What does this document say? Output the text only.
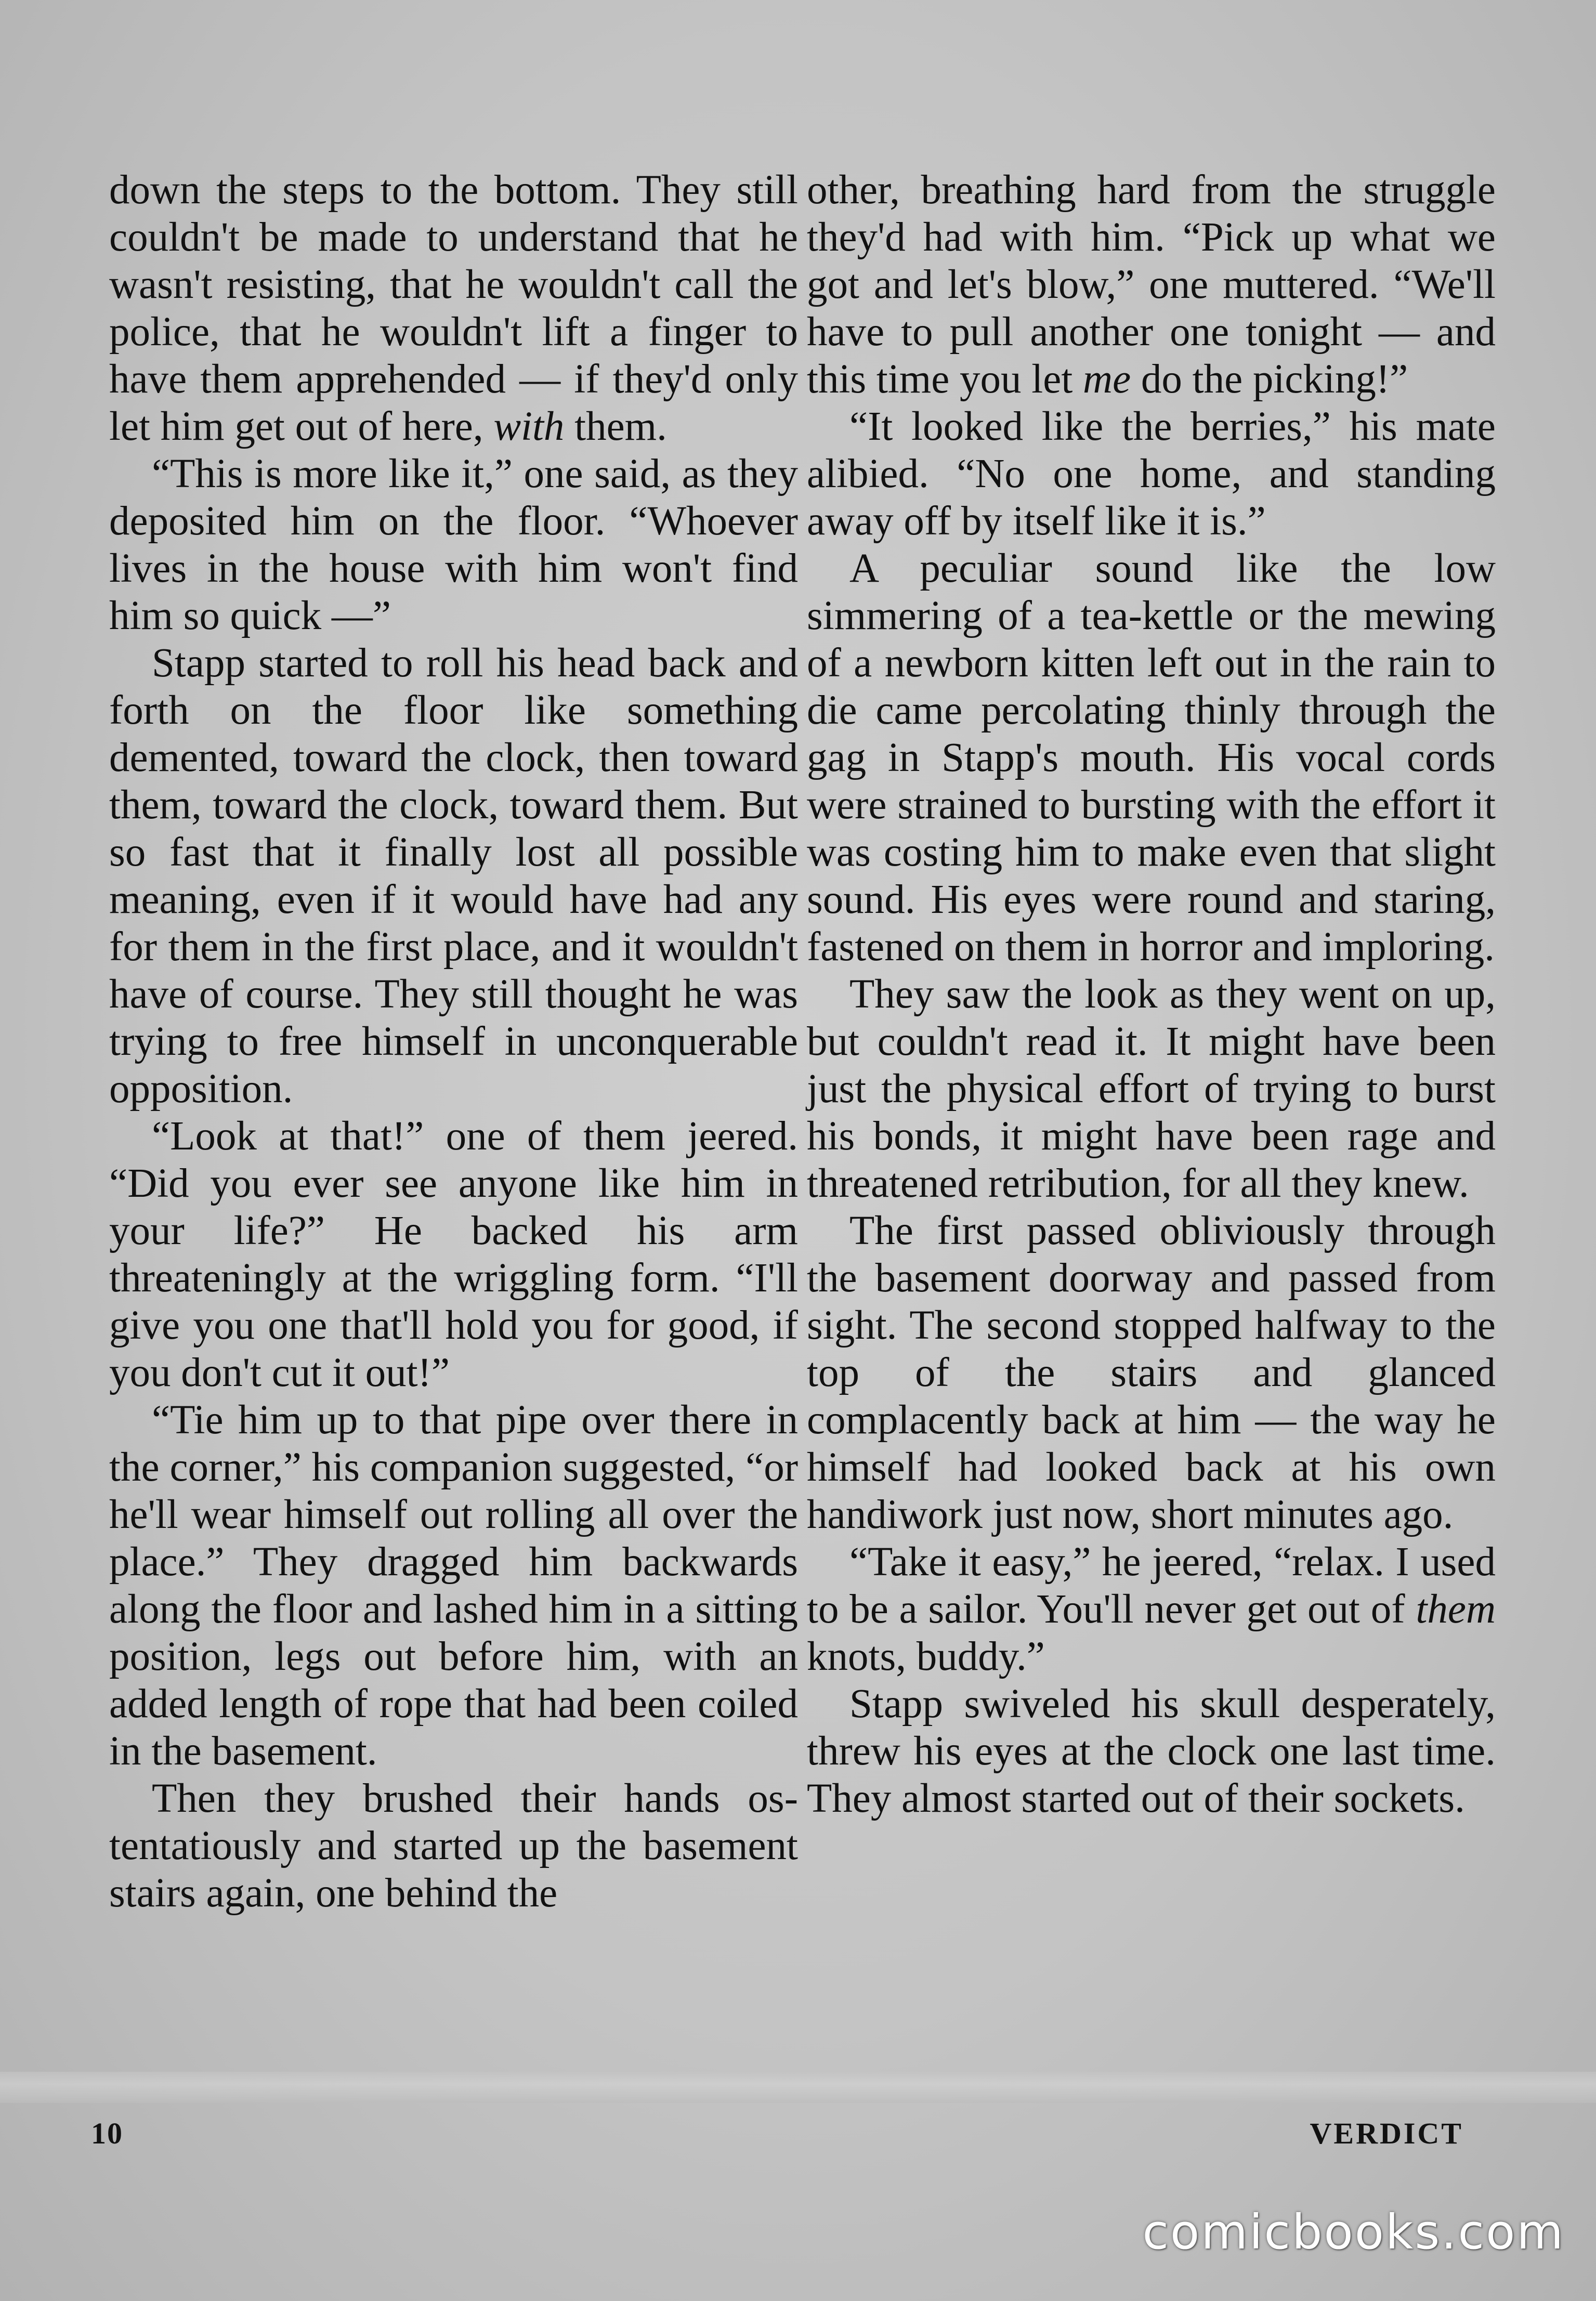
down the steps to the bottom. They still couldn't be made to understand that he wasn't resisting, that he wouldn't call the police, that he wouldn't lift a finger to have them apprehended — if they'd only let him get out of here, with them.

“This is more like it,” one said, as they deposited him on the floor. “Whoever lives in the house with him won't find him so quick —”

Stapp started to roll his head back and forth on the floor like something demented, toward the clock, then toward them, toward the clock, toward them. But so fast that it finally lost all possible meaning, even if it would have had any for them in the first place, and it wouldn't have of course. They still thought he was trying to free himself in unconquerable opposition.

“Look at that!” one of them jeered. “Did you ever see anyone like him in your life?” He backed his arm threateningly at the wriggling form. “I'll give you one that'll hold you for good, if you don't cut it out!”

“Tie him up to that pipe over there in the corner,” his companion suggested, “or he'll wear himself out rolling all over the place.” They dragged him backwards along the floor and lashed him in a sitting position, legs out before him, with an added length of rope that had been coiled in the basement.

Then they brushed their hands ostentatiously and started up the basement stairs again, one behind the

other, breathing hard from the struggle they'd had with him. “Pick up what we got and let's blow,” one muttered. “We'll have to pull another one tonight — and this time you let me do the picking!”

“It looked like the berries,” his mate alibied. “No one home, and standing away off by itself like it is.”

A peculiar sound like the low simmering of a tea-kettle or the mewing of a newborn kitten left out in the rain to die came percolating thinly through the gag in Stapp's mouth. His vocal cords were strained to bursting with the effort it was costing him to make even that slight sound. His eyes were round and staring, fastened on them in horror and imploring.

They saw the look as they went on up, but couldn't read it. It might have been just the physical effort of trying to burst his bonds, it might have been rage and threatened retribution, for all they knew.

The first passed obliviously through the basement doorway and passed from sight. The second stopped halfway to the top of the stairs and glanced complacently back at him — the way he himself had looked back at his own handiwork just now, short minutes ago.

“Take it easy,” he jeered, “relax. I used to be a sailor. You'll never get out of them knots, buddy.”

Stapp swiveled his skull desperately, threw his eyes at the clock one last time. They almost started out of their sockets.

10	VERDICT
comicbooks.com
